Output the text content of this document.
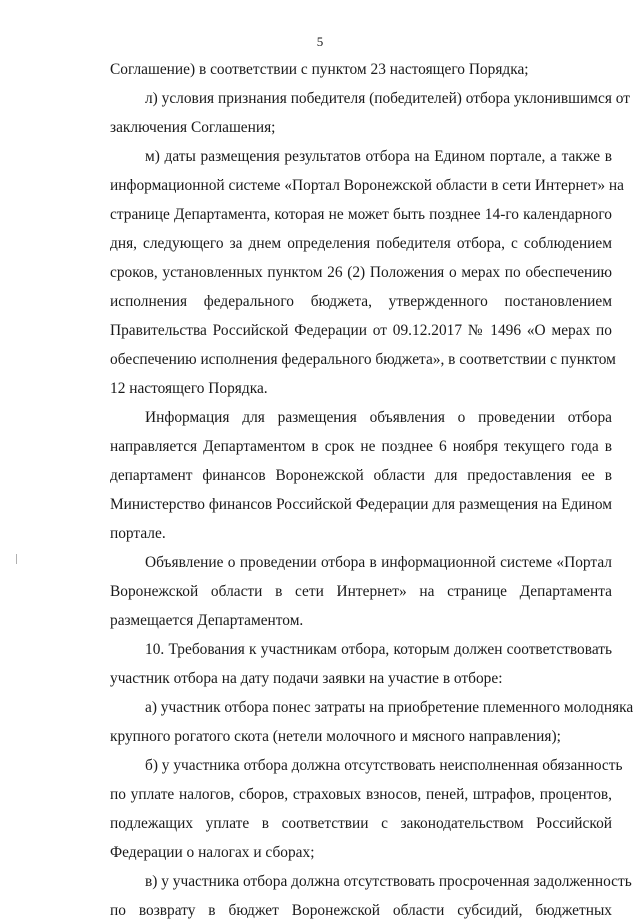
5
Соглашение) в соответствии с пунктом 23 настоящего Порядка;
л) условия признания победителя (победителей) отбора уклонившимся от
заключения Соглашения;
м) даты размещения результатов отбора на Едином портале, а также в
информационной системе «Портал Воронежской области в сети Интернет» на
странице Департамента, которая не может быть позднее 14-го календарного
дня, следующего за днем определения победителя отбора, с соблюдением
сроков, установленных пунктом 26 (2) Положения о мерах по обеспечению
исполнения федерального бюджета, утвержденного постановлением
Правительства Российской Федерации от 09.12.2017 № 1496 «О мерах по
обеспечению исполнения федерального бюджета», в соответствии с пунктом
12 настоящего Порядка.
Информация для размещения объявления о проведении отбора
направляется Департаментом в срок не позднее 6 ноября текущего года в
департамент финансов Воронежской области для предоставления ее в
Министерство финансов Российской Федерации для размещения на Едином
портале.
Объявление о проведении отбора в информационной системе «Портал
Воронежской области в сети Интернет» на странице Департамента
размещается Департаментом.
10. Требования к участникам отбора, которым должен соответствовать
участник отбора на дату подачи заявки на участие в отборе:
а) участник отбора понес затраты на приобретение племенного молодняка
крупного рогатого скота (нетели молочного и мясного направления);
б) у участника отбора должна отсутствовать неисполненная обязанность
по уплате налогов, сборов, страховых взносов, пеней, штрафов, процентов,
подлежащих уплате в соответствии с законодательством Российской
Федерации о налогах и сборах;
в) у участника отбора должна отсутствовать просроченная задолженность
по возврату в бюджет Воронежской области субсидий, бюджетных
